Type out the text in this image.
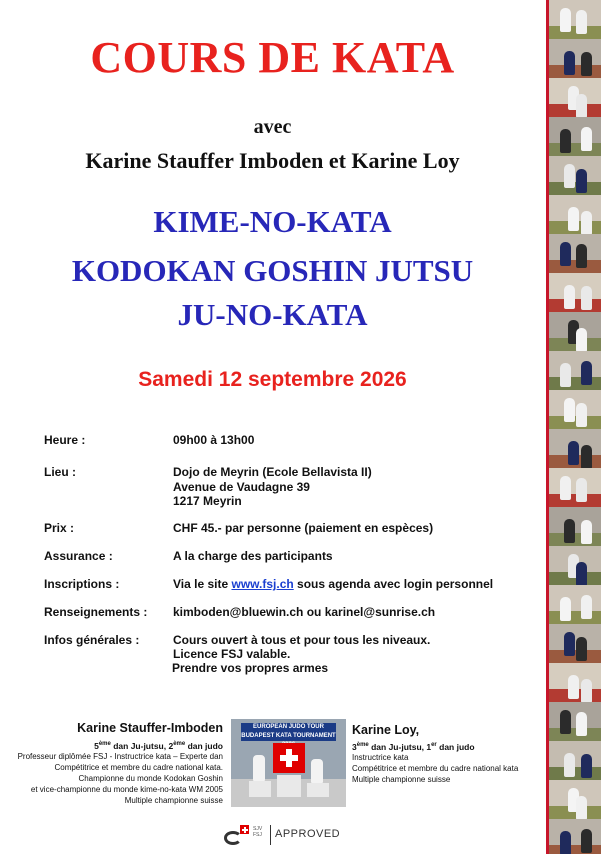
COURS DE KATA
avec
Karine Stauffer Imboden et Karine Loy
KIME-NO-KATA
KODOKAN GOSHIN JUTSU
JU-NO-KATA
Samedi 12 septembre 2026
Heure :	09h00 à 13h00
Lieu :	Dojo de Meyrin (Ecole Bellavista II)
Avenue de Vaudagne 39
1217 Meyrin
Prix :	CHF 45.- par personne (paiement en espèces)
Assurance :	A la charge des participants
Inscriptions :	Via le site www.fsj.ch sous agenda avec login personnel
Renseignements : kimboden@bluewin.ch ou karinel@sunrise.ch
Infos générales :	Cours ouvert à tous et pour tous les niveaux.
Licence FSJ valable.
Prendre vos propres armes
Karine Stauffer-Imboden
5ème dan Ju-jutsu, 2ème dan judo
Professeur diplômée FSJ - Instructrice kata – Experte dan
Compétitrice et membre du cadre national kata.
Championne du monde Kodokan Goshin
et vice-championne du monde kime-no-kata WM 2005
Multiple championne suisse
EUROPEAN JUDO TOUR BUDAPEST KATA TOURNAMENT Karine Loy,
3ème dan Ju-jutsu, 1er dan judo
Instructrice kata
Compétitrice et membre du cadre national kata
Multiple championne suisse
SJV FSJ	APPROVED
